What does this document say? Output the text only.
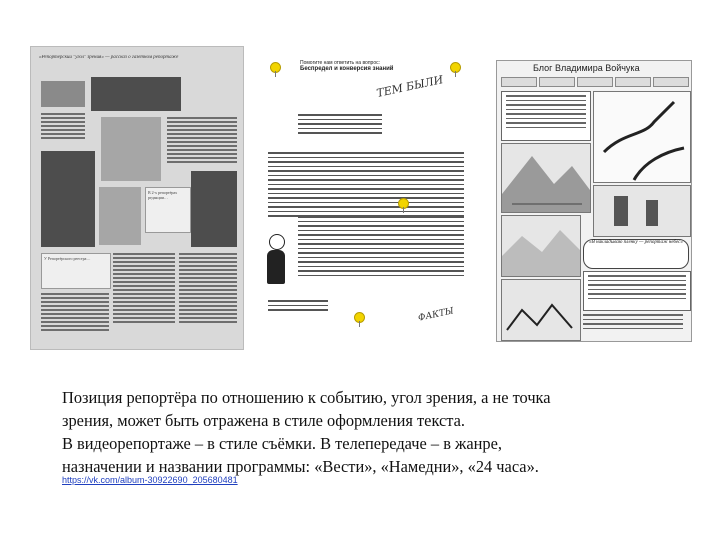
«Репортёрский "угол" зрения» — рассказ о газетном репортаже
В 2-х репортёрах редакции…
У Репортёрского реестра…
Помогите нам ответить на вопрос:
Беспредел и конверсия знаний
ТЕМ БЫЛИ
ФАКТЫ
Блог Владимира Войчука
«Я накладываю пленку — репортаж небес»

Позиция репортёра по отношению к событию, угол зрения, а не точка
зрения, может быть отражена в стиле оформления текста.
В видеорепортаже – в стиле съёмки. В телепередаче – в жанре,
назначении и названии программы: «Вести», «Намедни», «24 часа».

https://vk.com/album-30922690_205680481
